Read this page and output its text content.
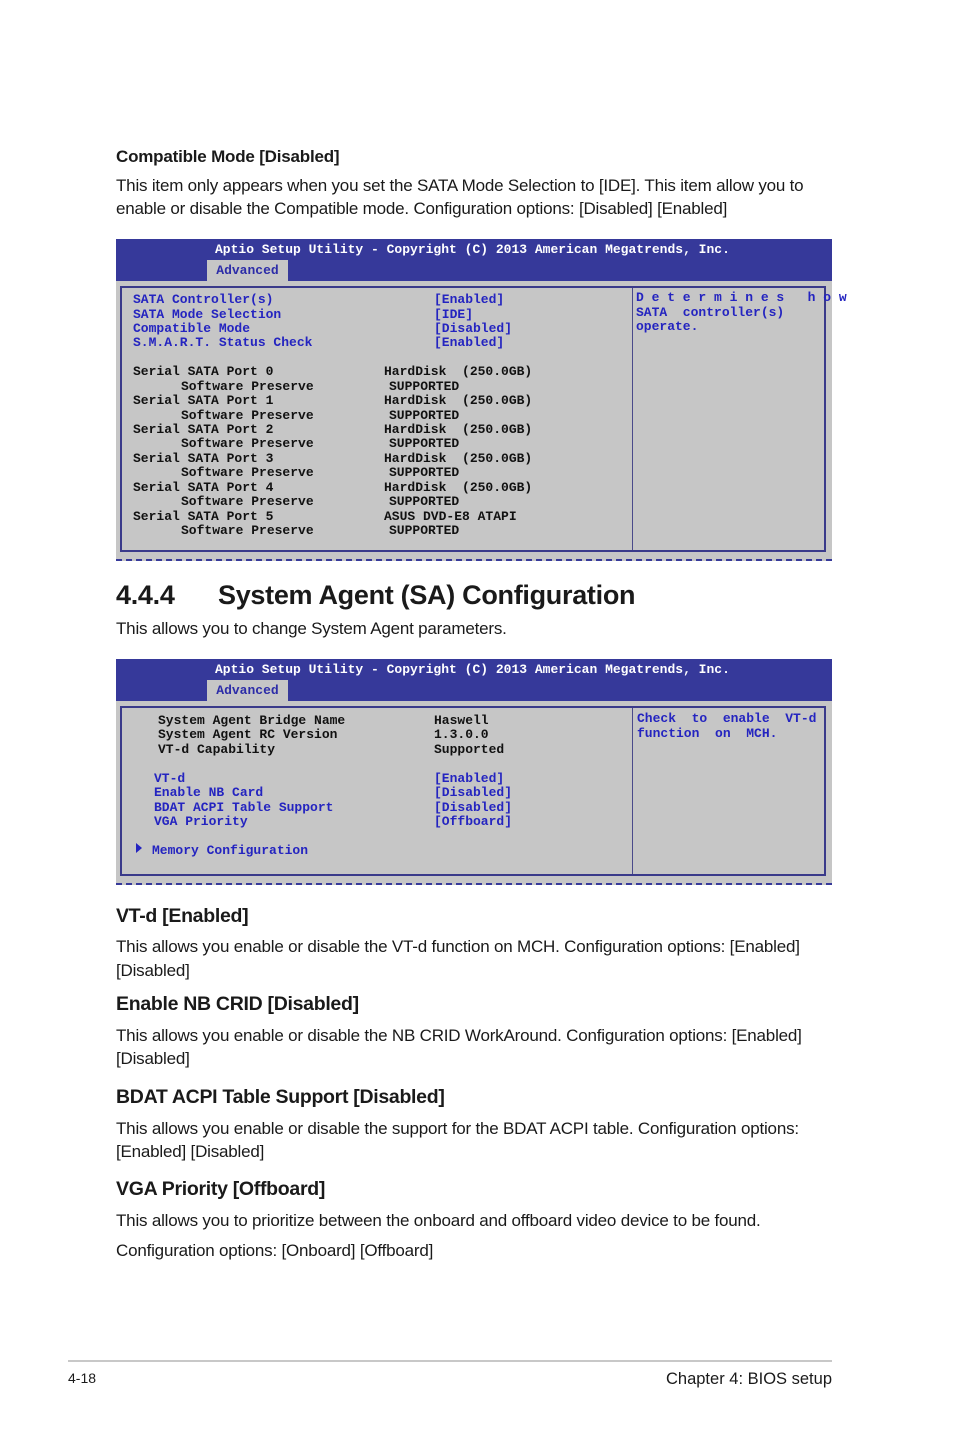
Compatible Mode [Disabled]
This item only appears when you set the SATA Mode Selection to [IDE]. This item allow you to
enable or disable the Compatible mode. Configuration options: [Disabled] [Enabled]
Aptio Setup Utility - Copyright (C) 2013 American Megatrends, Inc.
Advanced
SATA Controller(s)	[Enabled]
SATA Mode Selection	[IDE]
Compatible Mode	[Disabled]
S.M.A.R.T. Status Check	[Enabled]
Serial SATA Port 0	HardDisk  (250.0GB)
Software Preserve	SUPPORTED
Serial SATA Port 1	HardDisk  (250.0GB)
Software Preserve	SUPPORTED
Serial SATA Port 2	HardDisk  (250.0GB)
Software Preserve	SUPPORTED
Serial SATA Port 3	HardDisk  (250.0GB)
Software Preserve	SUPPORTED
Serial SATA Port 4	HardDisk  (250.0GB)
Software Preserve	SUPPORTED
Serial SATA Port 5	ASUS DVD-E8 ATAPI
Software Preserve	SUPPORTED
D e t e r m i n e s   h o w
SATA  controller(s)
operate.
4.4.4 System Agent (SA) Configuration
This allows you to change System Agent parameters.
Aptio Setup Utility - Copyright (C) 2013 American Megatrends, Inc.
Advanced
System Agent Bridge Name	Haswell
System Agent RC Version	1.3.0.0
VT-d Capability	Supported
VT-d	[Enabled]
Enable NB Card	[Disabled]
BDAT ACPI Table Support	[Disabled]
VGA Priority	[Offboard]
Memory Configuration
Check  to  enable  VT-d
function  on  MCH.
VT-d [Enabled]
This allows you enable or disable the VT-d function on MCH. Configuration options: [Enabled]
[Disabled]
Enable NB CRID [Disabled]
This allows you enable or disable the NB CRID WorkAround. Configuration options: [Enabled]
[Disabled]
BDAT ACPI Table Support [Disabled]
This allows you enable or disable the support for the BDAT ACPI table. Configuration options:
[Enabled] [Disabled]
VGA Priority [Offboard]
This allows you to prioritize between the onboard and offboard video device to be found.
Configuration options: [Onboard] [Offboard]
4-18	Chapter 4: BIOS setup
